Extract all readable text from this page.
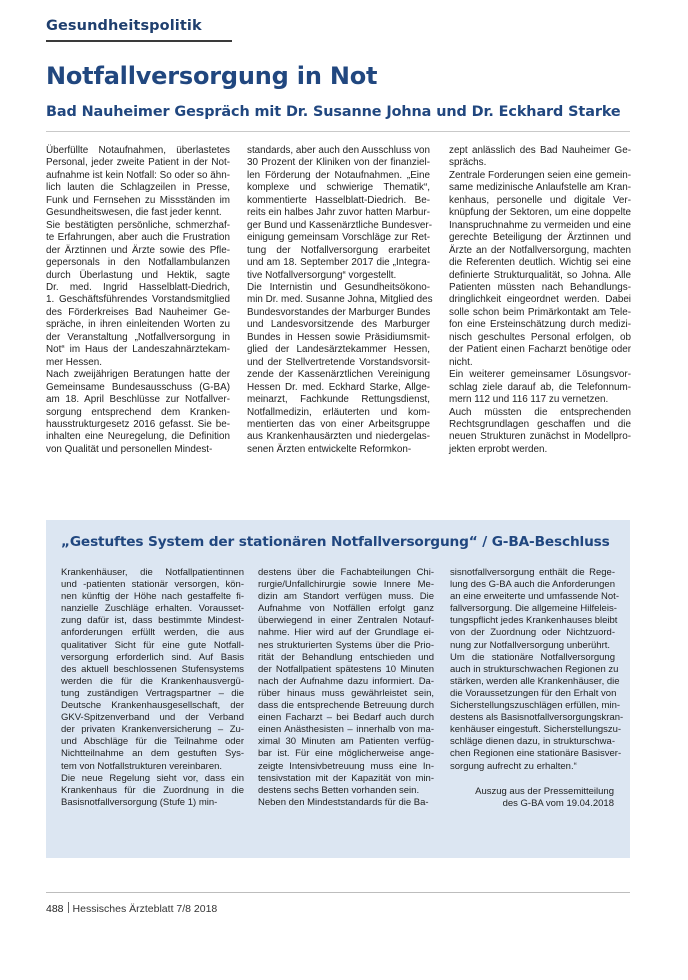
Gesundheitspolitik
Notfallversorgung in Not
Bad Nauheimer Gespräch mit Dr. Susanne Johna und Dr. Eckhard Starke
Überfüllte Notaufnahmen, überlastetes
Personal, jeder zweite Patient in der Not-
aufnahme ist kein Notfall: So oder so ähn-
lich lauten die Schlagzeilen in Presse,
Funk und Fernsehen zu Missständen im
Gesundheitswesen, die fast jeder kennt.
Sie bestätigten persönliche, schmerzhaf-
te Erfahrungen, aber auch die Frustration
der Ärztinnen und Ärzte sowie des Pfle-
gepersonals in den Notfallambulanzen
durch Überlastung und Hektik, sagte
Dr. med. Ingrid Hasselblatt-Diedrich,
1. Geschäftsführendes Vorstandsmitglied
des Förderkreises Bad Nauheimer Ge-
spräche, in ihren einleitenden Worten zu
der Veranstaltung „Notfallversorgung in
Not“ im Haus der Landeszahnärztekam-
mer Hessen.
Nach zweijährigen Beratungen hatte der
Gemeinsame Bundesausschuss (G-BA)
am 18. April Beschlüsse zur Notfallver-
sorgung entsprechend dem Kranken-
hausstrukturgesetz 2016 gefasst. Sie be-
inhalten eine Neuregelung, die Definition
von Qualität und personellen Mindest-
standards, aber auch den Ausschluss von
30 Prozent der Kliniken von der finanziel-
len Förderung der Notaufnahmen. „Eine
komplexe und schwierige Thematik“,
kommentierte Hasselblatt-Diedrich. Be-
reits ein halbes Jahr zuvor hatten Marbur-
ger Bund und Kassenärztliche Bundesver-
einigung gemeinsam Vorschläge zur Ret-
tung der Notfallversorgung erarbeitet
und am 18. September 2017 die „Integra-
tive Notfallversorgung“ vorgestellt.
Die Internistin und Gesundheitsökono-
min Dr. med. Susanne Johna, Mitglied des
Bundesvorstandes der Marburger Bundes
und Landesvorsitzende des Marburger
Bundes in Hessen sowie Präsidiumsmit-
glied der Landesärztekammer Hessen,
und der Stellvertretende Vorstandsvorsit-
zende der Kassenärztlichen Vereinigung
Hessen Dr. med. Eckhard Starke, Allge-
meinarzt, Fachkunde Rettungsdienst,
Notfallmedizin, erläuterten und kom-
mentierten das von einer Arbeitsgruppe
aus Krankenhausärzten und niedergelas-
senen Ärzten entwickelte Reformkon-
zept anlässlich des Bad Nauheimer Ge-
sprächs.
Zentrale Forderungen seien eine gemein-
same medizinische Anlaufstelle am Kran-
kenhaus, personelle und digitale Ver-
knüpfung der Sektoren, um eine doppelte
Inanspruchnahme zu vermeiden und eine
gerechte Beteiligung der Ärztinnen und
Ärzte an der Notfallversorgung, machten
die Referenten deutlich. Wichtig sei eine
definierte Strukturqualität, so Johna. Alle
Patienten müssten nach Behandlungs-
dringlichkeit eingeordnet werden. Dabei
solle schon beim Primärkontakt am Tele-
fon eine Ersteinschätzung durch medizi-
nisch geschultes Personal erfolgen, ob
der Patient einen Facharzt benötige oder
nicht.
Ein weiterer gemeinsamer Lösungsvor-
schlag ziele darauf ab, die Telefonnum-
mern 112 und 116 117 zu vernetzen.
Auch müssten die entsprechenden
Rechtsgrundlagen geschaffen und die
neuen Strukturen zunächst in Modellpro-
jekten erprobt werden.
„Gestuftes System der stationären Notfallversorgung“ / G-BA-Beschluss
Krankenhäuser, die Notfallpatientinnen
und -patienten stationär versorgen, kön-
nen künftig der Höhe nach gestaffelte fi-
nanzielle Zuschläge erhalten. Vorausset-
zung dafür ist, dass bestimmte Mindest-
anforderungen erfüllt werden, die aus
qualitativer Sicht für eine gute Notfall-
versorgung erforderlich sind. Auf Basis
des aktuell beschlossenen Stufensystems
werden die für die Krankenhausvergü-
tung zuständigen Vertragspartner – die
Deutsche Krankenhausgesellschaft, der
GKV-Spitzenverband und der Verband
der privaten Krankenversicherung – Zu-
und Abschläge für die Teilnahme oder
Nichtteilnahme an dem gestuften Sys-
tem von Notfallstrukturen vereinbaren.
Die neue Regelung sieht vor, dass ein
Krankenhaus für die Zuordnung in die
Basisnotfallversorgung (Stufe 1) min-
destens über die Fachabteilungen Chi-
rurgie/Unfallchirurgie sowie Innere Me-
dizin am Standort verfügen muss. Die
Aufnahme von Notfällen erfolgt ganz
überwiegend in einer Zentralen Notauf-
nahme. Hier wird auf der Grundlage ei-
nes strukturierten Systems über die Prio-
rität der Behandlung entschieden und
der Notfallpatient spätestens 10 Minuten
nach der Aufnahme dazu informiert. Da-
rüber hinaus muss gewährleistet sein,
dass die entsprechende Betreuung durch
einen Facharzt – bei Bedarf auch durch
einen Anästhesisten – innerhalb von ma-
ximal 30 Minuten am Patienten verfüg-
bar ist. Für eine möglicherweise ange-
zeigte Intensivbetreuung muss eine In-
tensivstation mit der Kapazität von min-
destens sechs Betten vorhanden sein.
Neben den Mindeststandards für die Ba-
sisnotfallversorgung enthält die Rege-
lung des G-BA auch die Anforderungen
an eine erweiterte und umfassende Not-
fallversorgung. Die allgemeine Hilfeleis-
tungspflicht jedes Krankenhauses bleibt
von der Zuordnung oder Nichtzuord-
nung zur Notfallversorgung unberührt.
Um die stationäre Notfallversorgung
auch in strukturschwachen Regionen zu
stärken, werden alle Krankenhäuser, die
die Voraussetzungen für den Erhalt von
Sicherstellungszuschlägen erfüllen, min-
destens als Basisnotfallversorgungskran-
kenhäuser eingestuft. Sicherstellungszu-
schläge dienen dazu, in strukturschwa-
chen Regionen eine stationäre Basisver-
sorgung aufrecht zu erhalten.“
Auszug aus der Pressemitteilung
des G-BA vom 19.04.2018
488 Hessisches Ärzteblatt 7/8 2018
